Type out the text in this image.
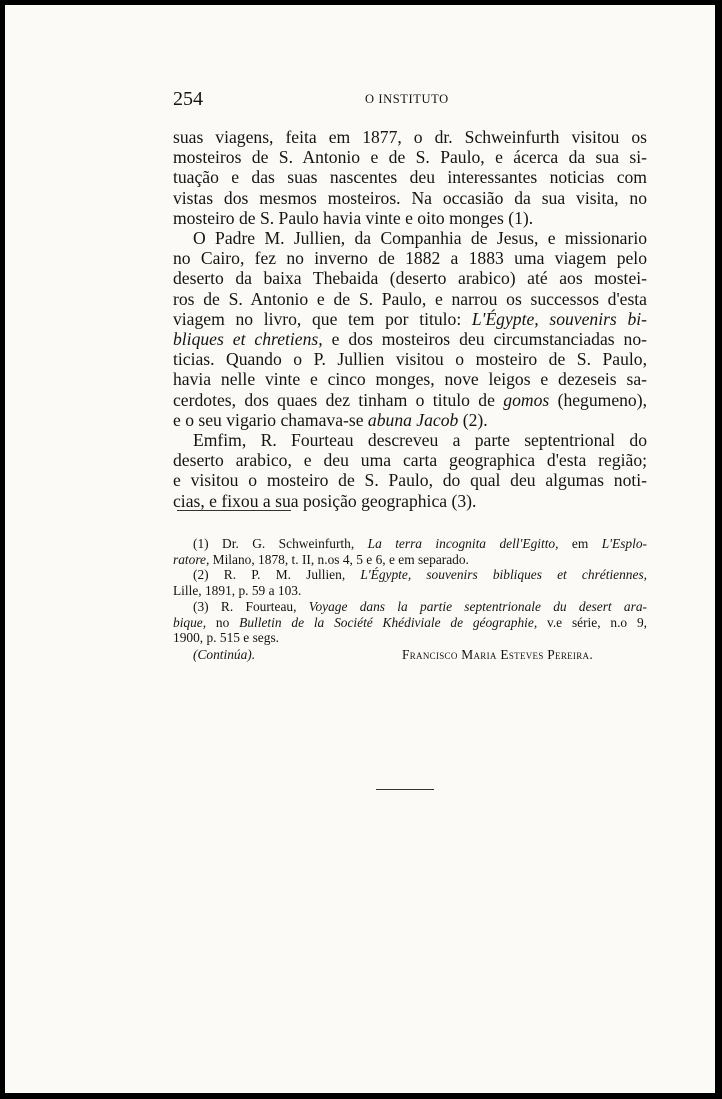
254	O INSTITUTO
suas viagens, feita em 1877, o dr. Schweinfurth visitou os
mosteiros de S. Antonio e de S. Paulo, e ácerca da sua si-
tuação e das suas nascentes deu interessantes noticias com
vistas dos mesmos mosteiros. Na occasião da sua visita, no
mosteiro de S. Paulo havia vinte e oito monges (1).
O Padre M. Jullien, da Companhia de Jesus, e missionario
no Cairo, fez no inverno de 1882 a 1883 uma viagem pelo
deserto da baixa Thebaida (deserto arabico) até aos mostei-
ros de S. Antonio e de S. Paulo, e narrou os successos d'esta
viagem no livro, que tem por titulo: L'Égypte, souvenirs bi-
bliques et chretiens, e dos mosteiros deu circumstanciadas no-
ticias. Quando o P. Jullien visitou o mosteiro de S. Paulo,
havia nelle vinte e cinco monges, nove leigos e dezeseis sa-
cerdotes, dos quaes dez tinham o titulo de gomos (hegumeno),
e o seu vigario chamava-se abuna Jacob (2).
Emfim, R. Fourteau descreveu a parte septentrional do
deserto arabico, e deu uma carta geographica d'esta região;
e visitou o mosteiro de S. Paulo, do qual deu algumas noti-
cias, e fixou a sua posição geographica (3).
(1) Dr. G. Schweinfurth, La terra incognita dell'Egitto, em L'Esplo-
ratore, Milano, 1878, t. II, n.os 4, 5 e 6, e em separado.
(2) R. P. M. Jullien, L'Égypte, souvenirs bibliques et chrétiennes,
Lille, 1891, p. 59 a 103.
(3) R. Fourteau, Voyage dans la partie septentrionale du desert ara-
bique, no Bulletin de la Société Khédiviale de géographie, v.e série, n.o 9,
1900, p. 515 e segs.
(Continúa).	Francisco Maria Esteves Pereira.
